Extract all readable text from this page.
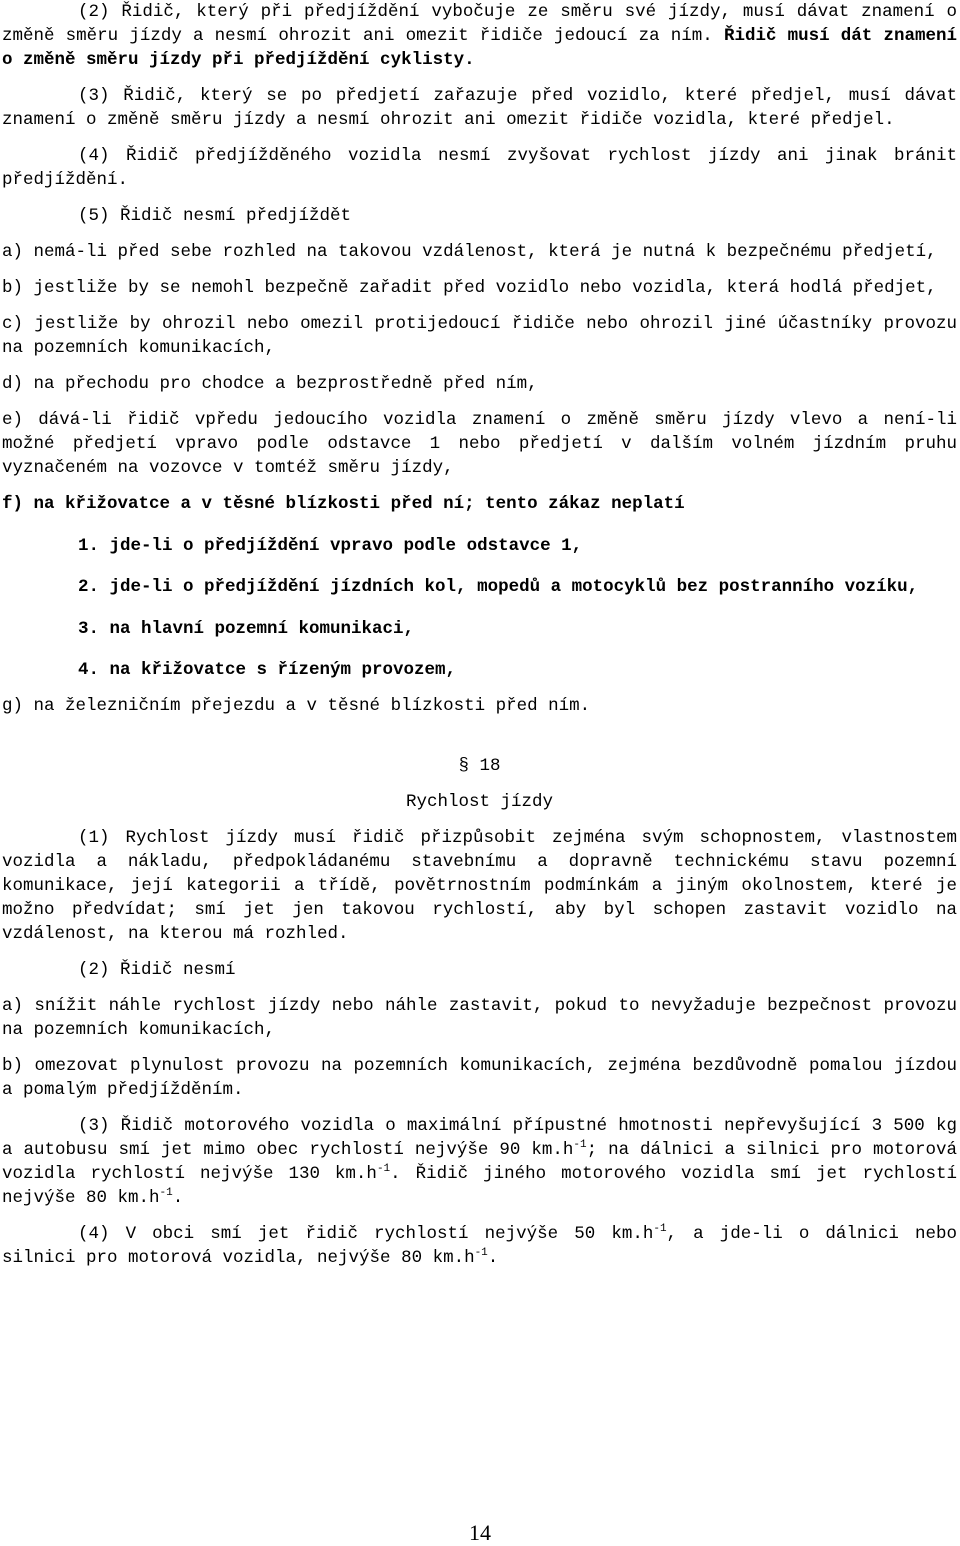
(2) Řidič, který při předjíždění vybočuje ze směru své jízdy, musí dávat znamení o změně směru jízdy a nesmí ohrozit ani omezit řidiče jedoucí za ním. Řidič musí dát znamení o změně směru jízdy při předjíždění cyklisty.

(3) Řidič, který se po předjetí zařazuje před vozidlo, které předjel, musí dávat znamení o změně směru jízdy a nesmí ohrozit ani omezit řidiče vozidla, které předjel.

(4) Řidič předjížděného vozidla nesmí zvyšovat rychlost jízdy ani jinak bránit předjíždění.

(5) Řidič nesmí předjíždět

a) nemá-li před sebe rozhled na takovou vzdálenost, která je nutná k bezpečnému předjetí,

b) jestliže by se nemohl bezpečně zařadit před vozidlo nebo vozidla, která hodlá předjet,

c) jestliže by ohrozil nebo omezil protijedoucí řidiče nebo ohrozil jiné účastníky provozu na pozemních komunikacích,

d) na přechodu pro chodce a bezprostředně před ním,

e) dává-li řidič vpředu jedoucího vozidla znamení o změně směru jízdy vlevo a není-li možné předjetí vpravo podle odstavce 1 nebo předjetí v dalším volném jízdním pruhu vyznačeném na vozovce v tomtéž směru jízdy,

f) na křižovatce a v těsné blízkosti před ní; tento zákaz neplatí

1. jde-li o předjíždění vpravo podle odstavce 1,

2. jde-li o předjíždění jízdních kol, mopedů a motocyklů bez postranního vozíku,

3. na hlavní pozemní komunikaci,

4. na křižovatce s řízeným provozem,

g) na železničním přejezdu a v těsné blízkosti před ním.

§ 18

Rychlost jízdy

(1) Rychlost jízdy musí řidič přizpůsobit zejména svým schopnostem, vlastnostem vozidla a nákladu, předpokládanému stavebnímu a dopravně technickému stavu pozemní komunikace, její kategorii a třídě, povětrnostním podmínkám a jiným okolnostem, které je možno předvídat; smí jet jen takovou rychlostí, aby byl schopen zastavit vozidlo na vzdálenost, na kterou má rozhled.

(2) Řidič nesmí

a) snížit náhle rychlost jízdy nebo náhle zastavit, pokud to nevyžaduje bezpečnost provozu na pozemních komunikacích,

b) omezovat plynulost provozu na pozemních komunikacích, zejména bezdůvodně pomalou jízdou a pomalým předjížděním.

(3) Řidič motorového vozidla o maximální přípustné hmotnosti nepřevyšující 3 500 kg a autobusu smí jet mimo obec rychlostí nejvýše 90 $km.h^{-1}$; na dálnici a silnici pro motorová vozidla rychlostí nejvýše 130 $km.h^{-1}$. Řidič jiného motorového vozidla smí jet rychlostí nejvýše 80 $km.h^{-1}$.

(4) V obci smí jet řidič rychlostí nejvýše 50 $km.h^{-1}$, a jde-li o dálnici nebo silnici pro motorová vozidla, nejvýše 80 $km.h^{-1}$.

14
